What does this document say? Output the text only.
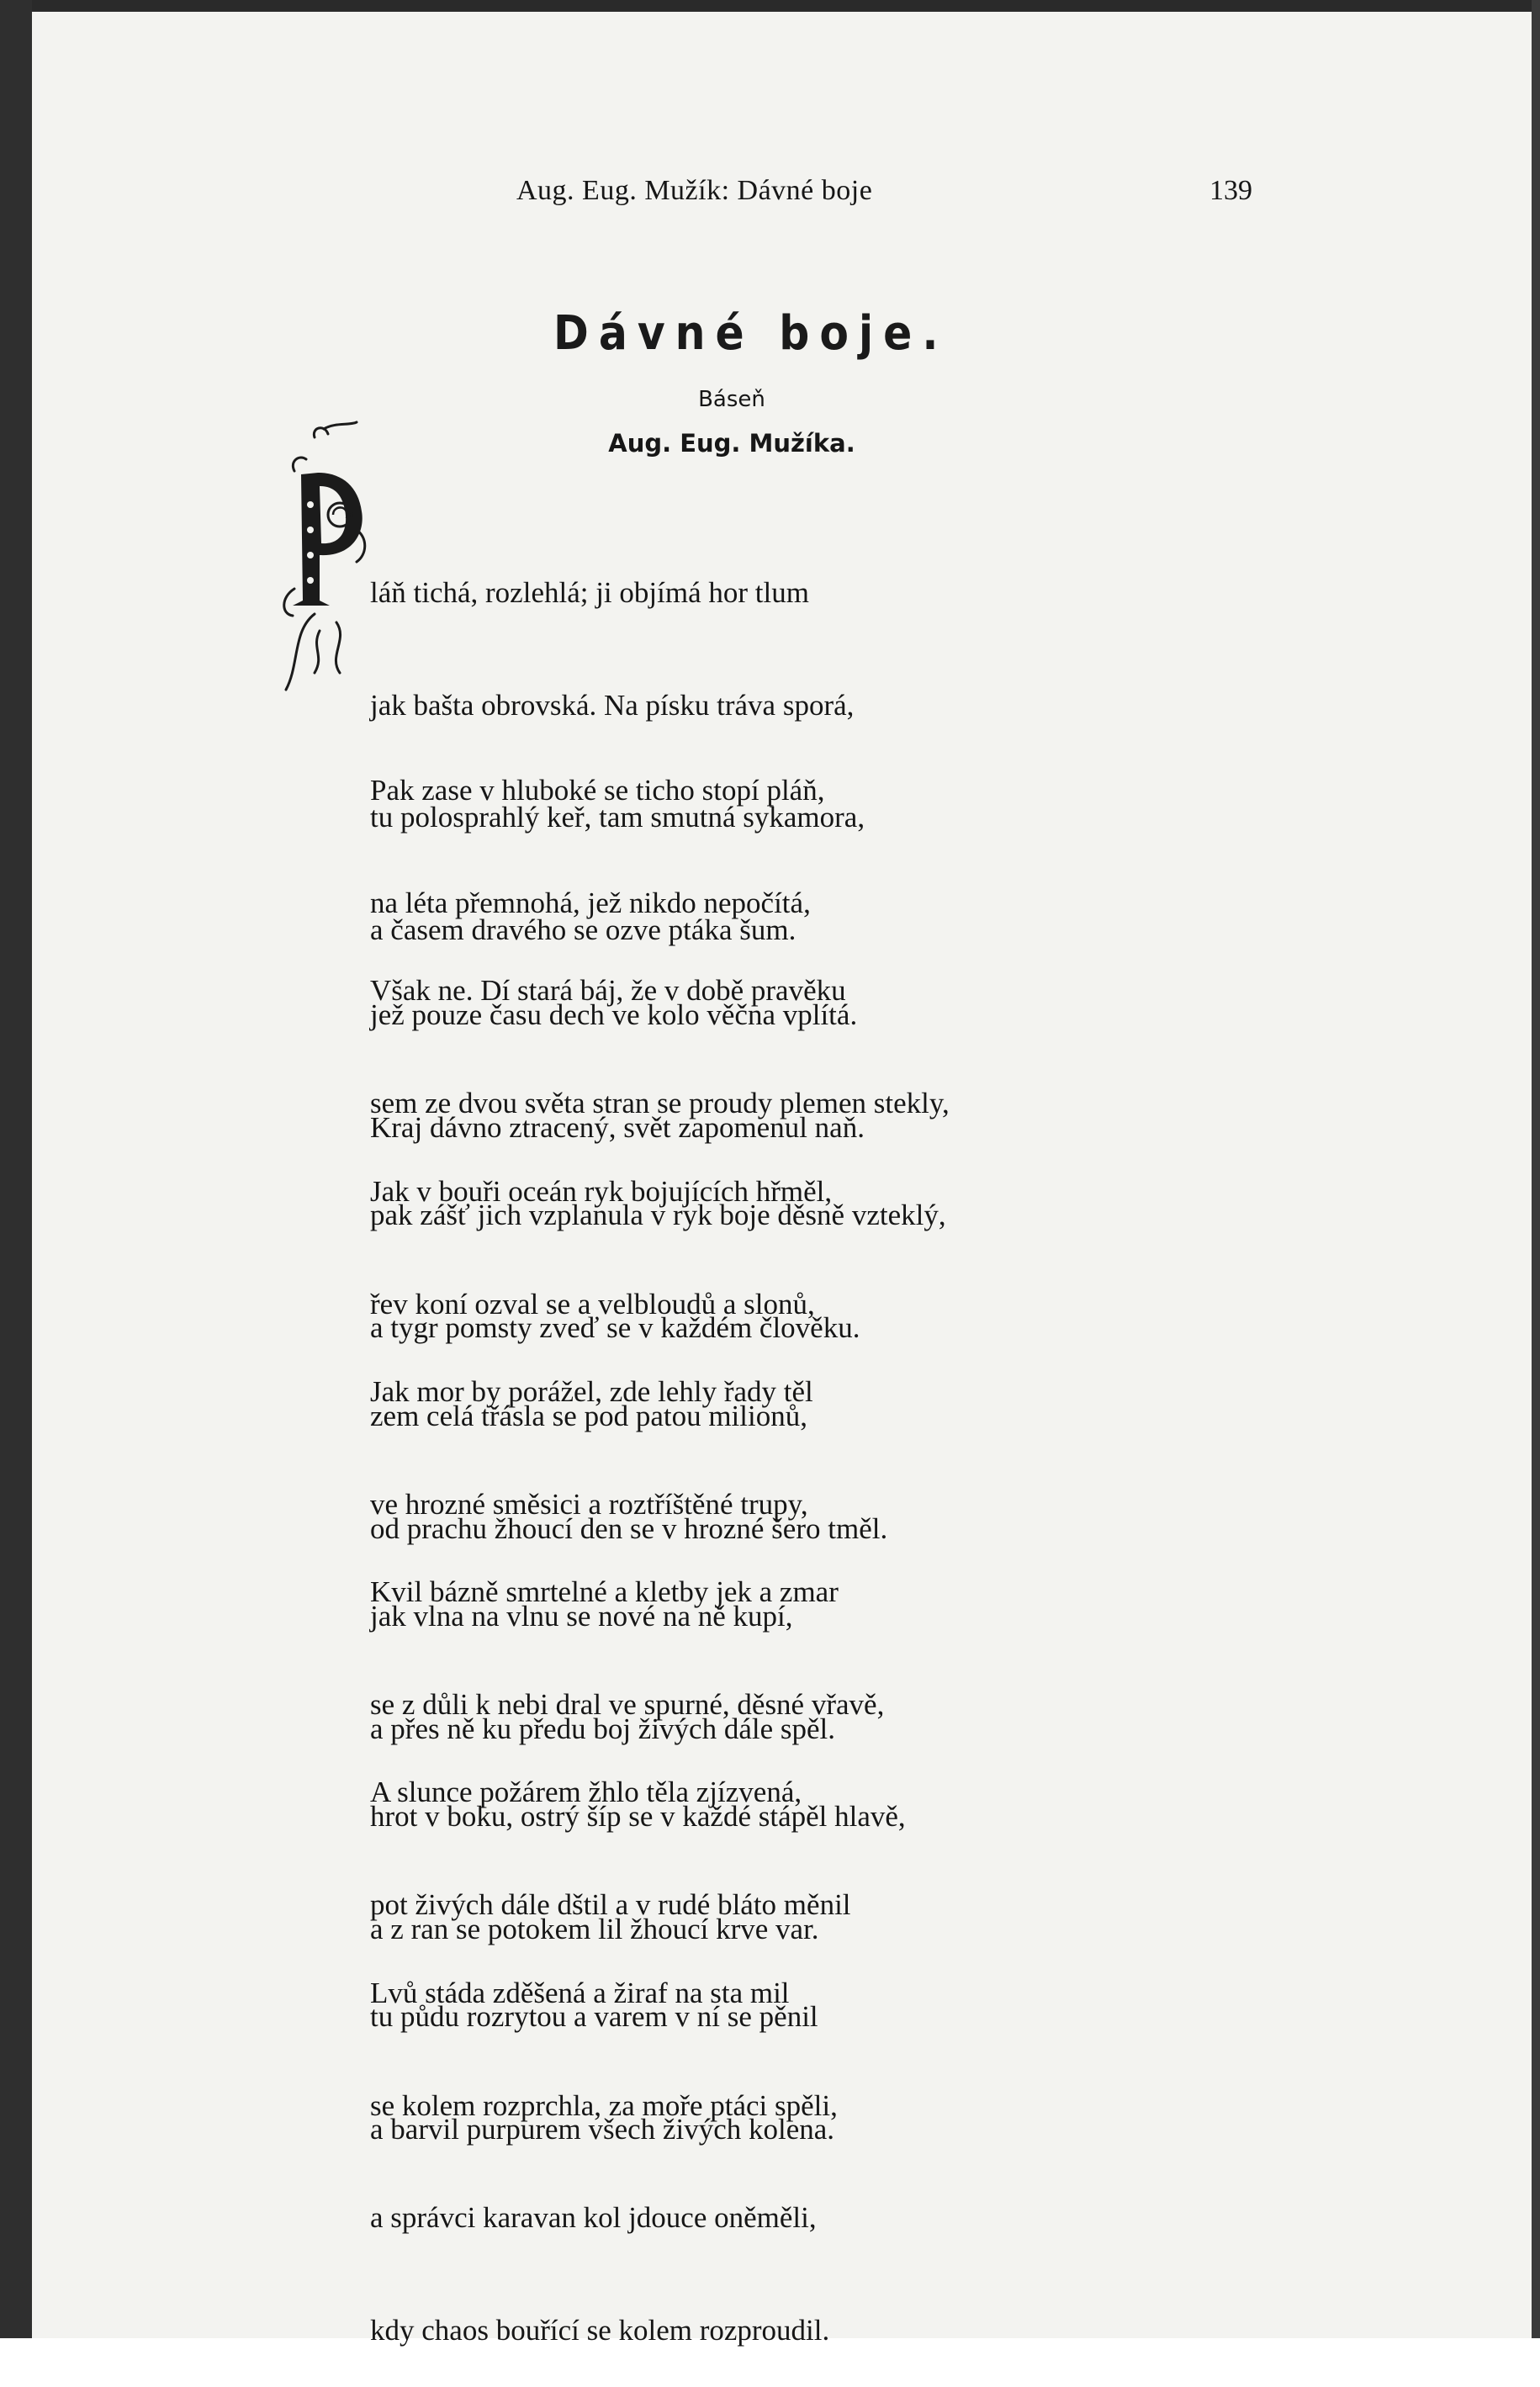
Aug. Eug. Mužík: Dávné boje	139
Dávné boje.
Báseň
Aug. Eug. Mužíka.

láň tichá, rozlehlá; ji objímá hor tlum

jak bašta obrovská. Na písku tráva sporá,

tu polosprahlý keř, tam smutná sykamora,

a časem dravého se ozve ptáka šum.

Pak zase v hluboké se ticho stopí pláň,

na léta přemnohá, jež nikdo nepočítá,

jež pouze času dech ve kolo věčna vplítá.

Kraj dávno ztracený, svět zapomenul naň.

Však ne. Dí stará báj, že v době pravěku

sem ze dvou světa stran se proudy plemen stekly,

pak zášť jich vzplanula v ryk boje děsně vzteklý,

a tygr pomsty zveď se v každém člověku.

Jak v bouři oceán ryk bojujících hřměl,

řev koní ozval se a velbloudů a slonů,

zem celá třásla se pod patou milionů,

od prachu žhoucí den se v hrozné šero tměl.

Jak mor by porážel, zde lehly řady těl

ve hrozné směsici a roztříštěné trupy,

jak vlna na vlnu se nové na ně kupí,

a přes ně ku předu boj živých dále spěl.

Kvil bázně smrtelné a kletby jek a zmar

se z důli k nebi dral ve spurné, děsné vřavě,

hrot v boku, ostrý šíp se v každé stápěl hlavě,

a z ran se potokem lil žhoucí krve var.

A slunce požárem žhlo těla zjízvená,

pot živých dále dštil a v rudé bláto měnil

tu půdu rozrytou a varem v ní se pěnil

a barvil purpurem všech živých kolena.

Lvů stáda zděšená a žiraf na sta mil

se kolem rozprchla, za moře ptáci spěli,

a správci karavan kol jdouce oněměli,

kdy chaos bouřící se kolem rozproudil.
